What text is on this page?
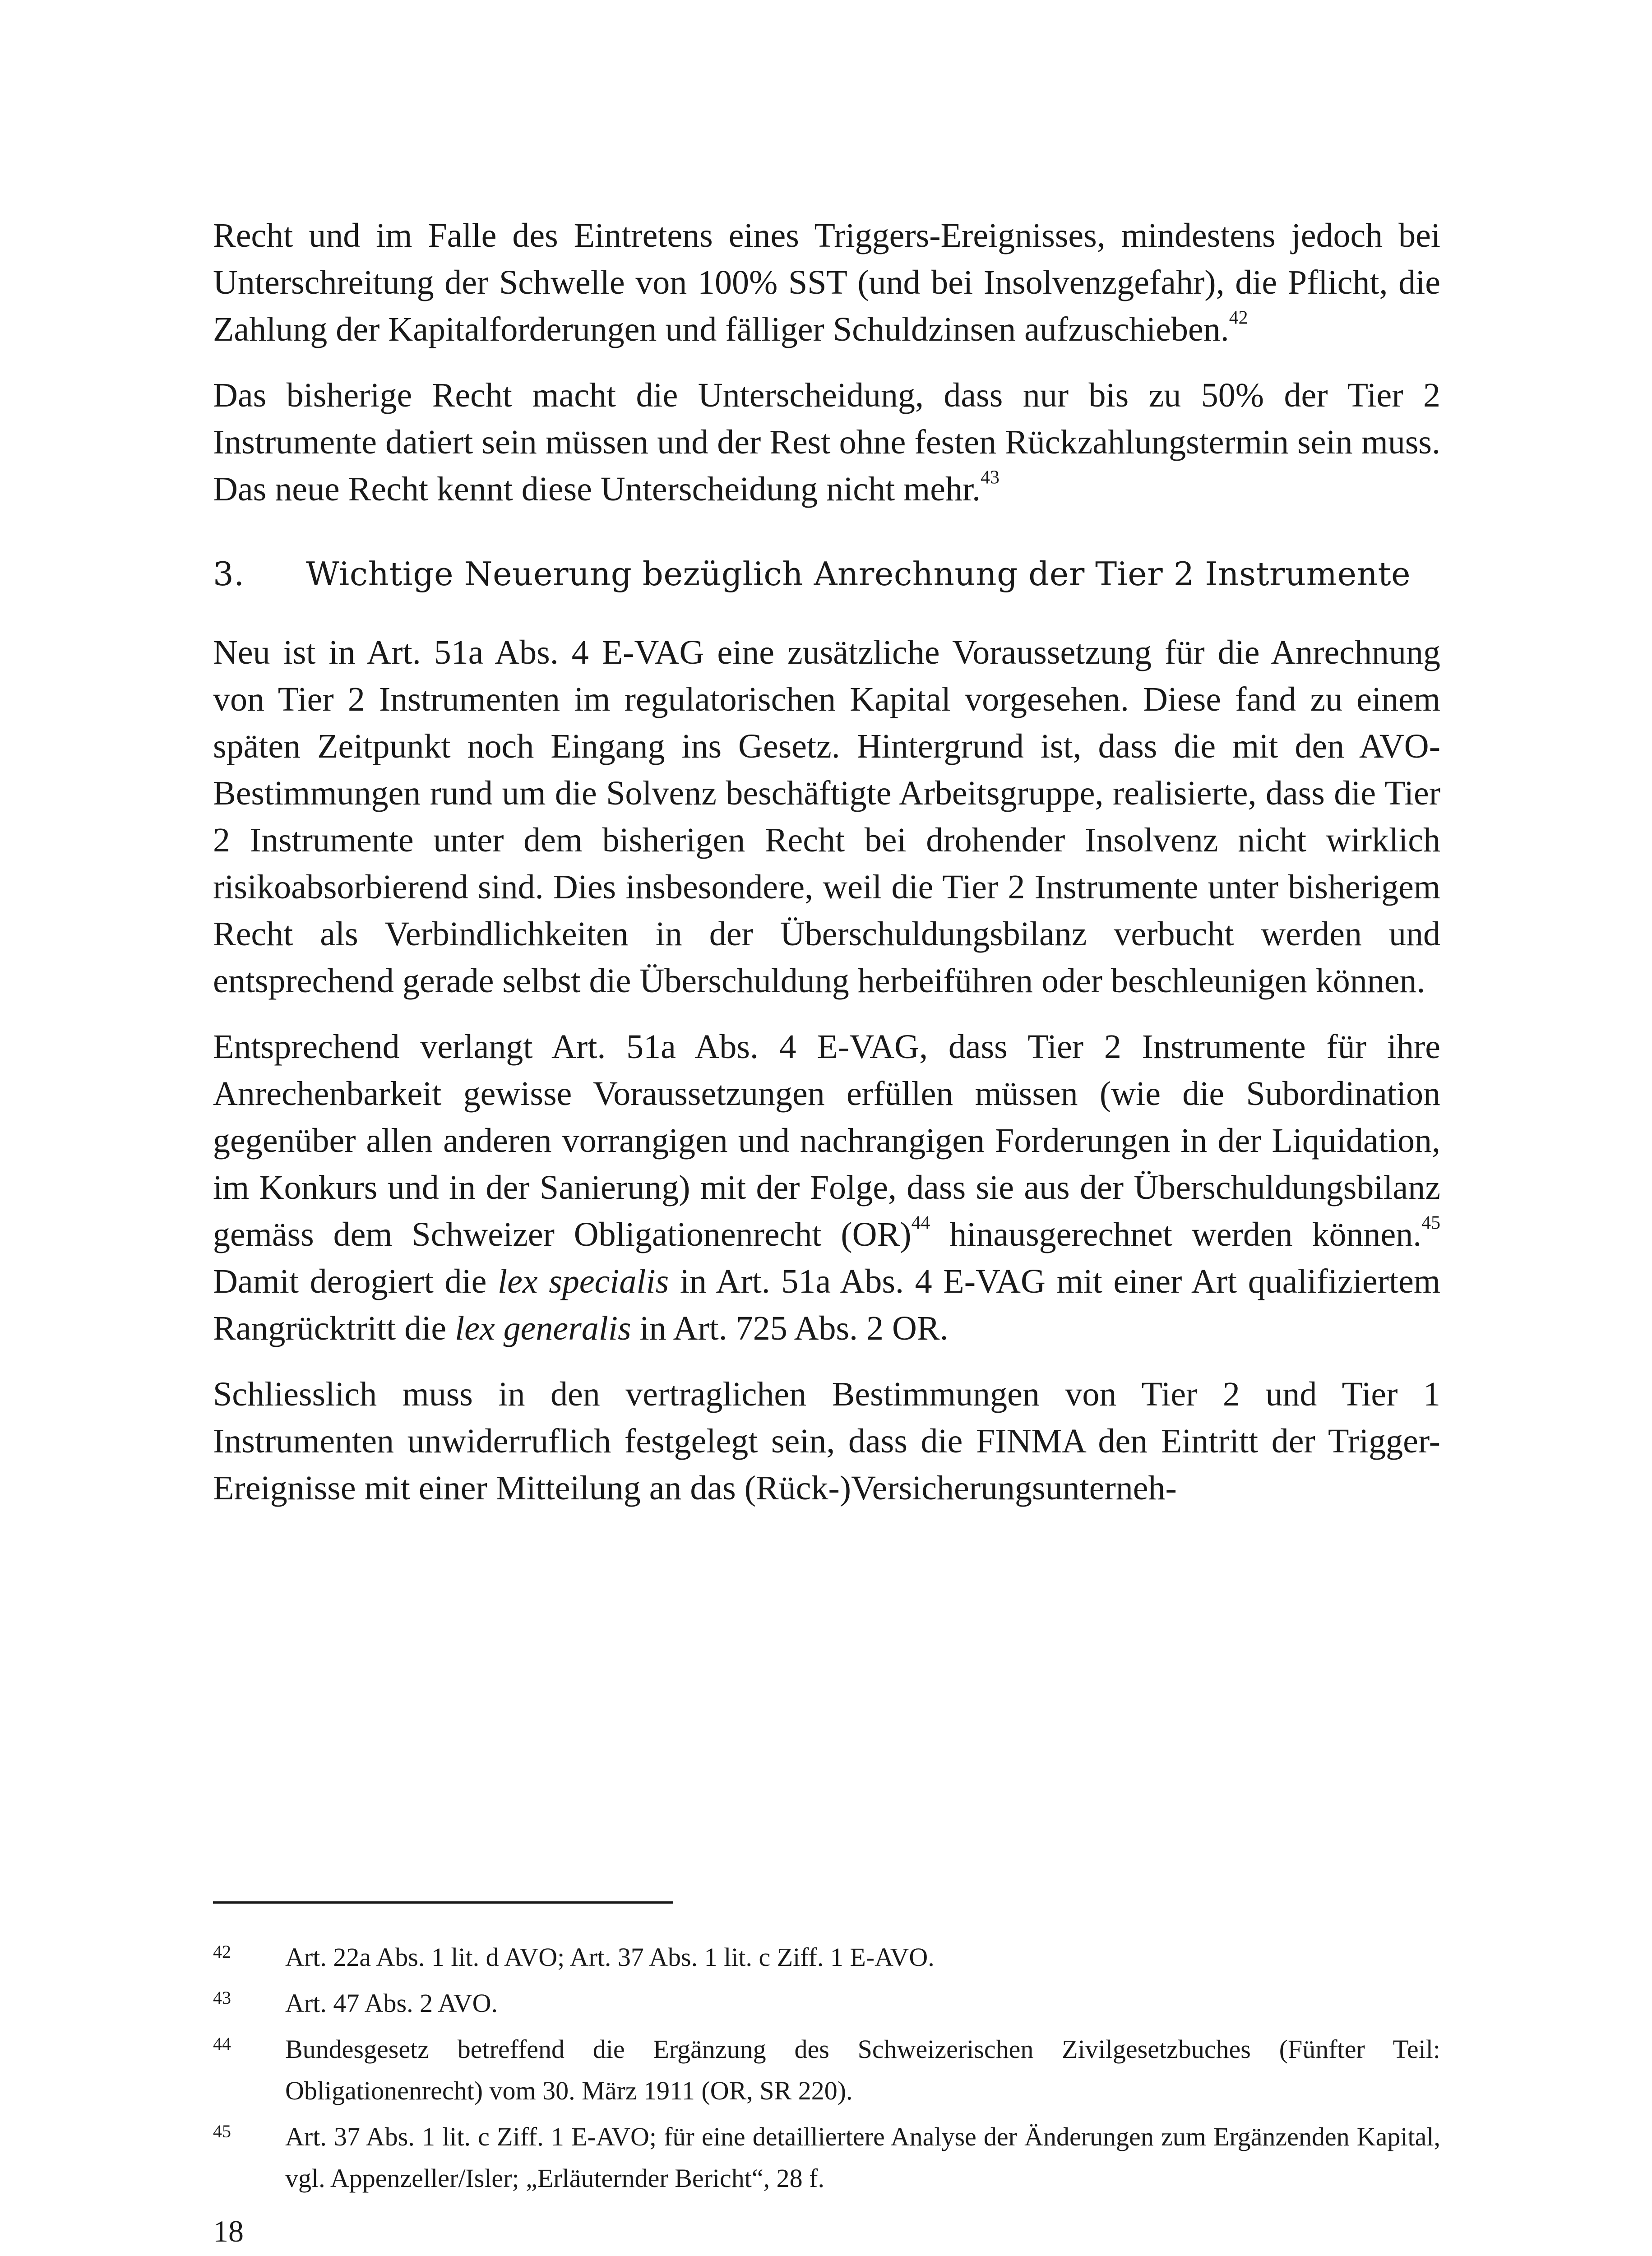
Recht und im Falle des Eintretens eines Triggers-Ereignisses, mindestens jedoch bei Unterschreitung der Schwelle von 100% SST (und bei Insolvenzgefahr), die Pflicht, die Zahlung der Kapitalforderungen und fälliger Schuldzinsen aufzuschieben.$^{42}$

Das bisherige Recht macht die Unterscheidung, dass nur bis zu 50% der Tier 2 Instrumente datiert sein müssen und der Rest ohne festen Rückzahlungstermin sein muss. Das neue Recht kennt diese Unterscheidung nicht mehr.$^{43}$

3.	Wichtige Neuerung bezüglich Anrechnung der Tier 2 Instrumente

Neu ist in Art. 51a Abs. 4 E-VAG eine zusätzliche Voraussetzung für die Anrechnung von Tier 2 Instrumenten im regulatorischen Kapital vorgesehen. Diese fand zu einem späten Zeitpunkt noch Eingang ins Gesetz. Hintergrund ist, dass die mit den AVO-Bestimmungen rund um die Solvenz beschäftigte Arbeitsgruppe, realisierte, dass die Tier 2 Instrumente unter dem bisherigen Recht bei drohender Insolvenz nicht wirklich risikoabsorbierend sind. Dies insbesondere, weil die Tier 2 Instrumente unter bisherigem Recht als Verbindlichkeiten in der Überschuldungsbilanz verbucht werden und entsprechend gerade selbst die Überschuldung herbeiführen oder beschleunigen können.

Entsprechend verlangt Art. 51a Abs. 4 E-VAG, dass Tier 2 Instrumente für ihre Anrechenbarkeit gewisse Voraussetzungen erfüllen müssen (wie die Subordination gegenüber allen anderen vorrangigen und nachrangigen Forderungen in der Liquidation, im Konkurs und in der Sanierung) mit der Folge, dass sie aus der Überschuldungsbilanz gemäss dem Schweizer Obligationenrecht (OR)$^{44}$ hinausgerechnet werden können.$^{45}$ Damit derogiert die lex specialis in Art. 51a Abs. 4 E-VAG mit einer Art qualifiziertem Rangrücktritt die lex generalis in Art. 725 Abs. 2 OR.

Schliesslich muss in den vertraglichen Bestimmungen von Tier 2 und Tier 1 Instrumenten unwiderruflich festgelegt sein, dass die FINMA den Eintritt der Trigger-Ereignisse mit einer Mitteilung an das (Rück-)Versicherungsunterneh-

42	Art. 22a Abs. 1 lit. d AVO; Art. 37 Abs. 1 lit. c Ziff. 1 E-AVO.
43	Art. 47 Abs. 2 AVO.
44	Bundesgesetz betreffend die Ergänzung des Schweizerischen Zivilgesetzbuches (Fünfter Teil: Obligationenrecht) vom 30. März 1911 (OR, SR 220).
45	Art. 37 Abs. 1 lit. c Ziff. 1 E-AVO; für eine detailliertere Analyse der Änderungen zum Ergänzenden Kapital, vgl. Appenzeller/Isler; „Erläuternder Bericht“, 28 f.
18
